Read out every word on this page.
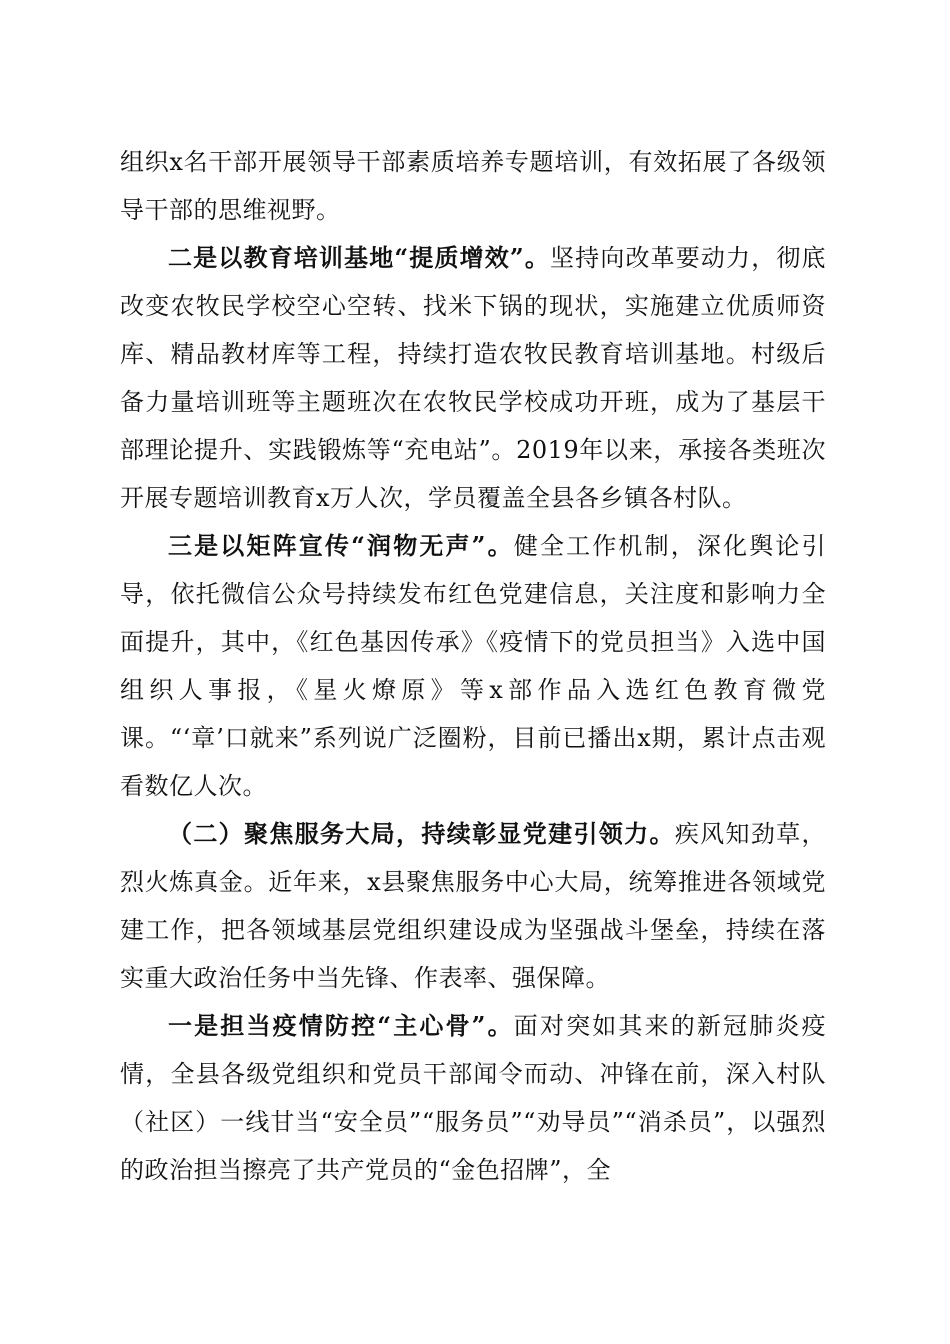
组织x名干部开展领导干部素质培养专题培训，有效拓展了各级领导干部的思维视野。

二是以教育培训基地“提质增效”。坚持向改革要动力，彻底改变农牧民学校空心空转、找米下锅的现状，实施建立优质师资库、精品教材库等工程，持续打造农牧民教育培训基地。村级后备力量培训班等主题班次在农牧民学校成功开班，成为了基层干部理论提升、实践锻炼等“充电站”。2019年以来，承接各类班次开展专题培训教育x万人次，学员覆盖全县各乡镇各村队。

三是以矩阵宣传“润物无声”。健全工作机制，深化舆论引导，依托微信公众号持续发布红色党建信息，关注度和影响力全面提升，其中，《红色基因传承》《疫情下的党员担当》入选中国组织人事报，《星火燎原》等x部作品入选红色教育微党课。“‘章’口就来”系列说广泛圈粉，目前已播出x期，累计点击观看数亿人次。

（二）聚焦服务大局，持续彰显党建引领力。疾风知劲草，烈火炼真金。近年来，x县聚焦服务中心大局，统筹推进各领域党建工作，把各领域基层党组织建设成为坚强战斗堡垒，持续在落实重大政治任务中当先锋、作表率、强保障。

一是担当疫情防控“主心骨”。面对突如其来的新冠肺炎疫情，全县各级党组织和党员干部闻令而动、冲锋在前，深入村队（社区）一线甘当“安全员”“服务员”“劝导员”“消杀员”，以强烈的政治担当擦亮了共产党员的“金色招牌”，全
